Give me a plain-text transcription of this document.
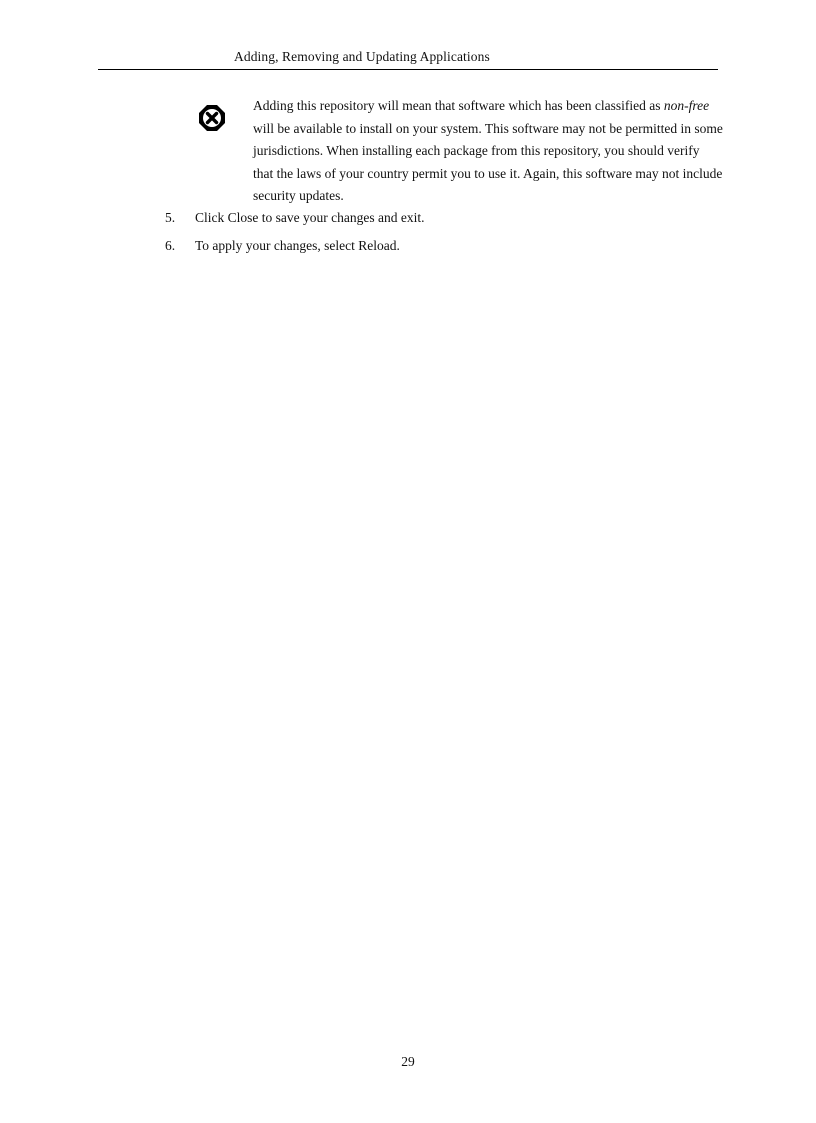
Adding, Removing and Updating Applications
Adding this repository will mean that software which has been classified as non-free will be available to install on your system. This software may not be permitted in some jurisdictions. When installing each package from this repository, you should verify that the laws of your country permit you to use it. Again, this software may not include security updates.
5. Click Close to save your changes and exit.
6. To apply your changes, select Reload.
29
